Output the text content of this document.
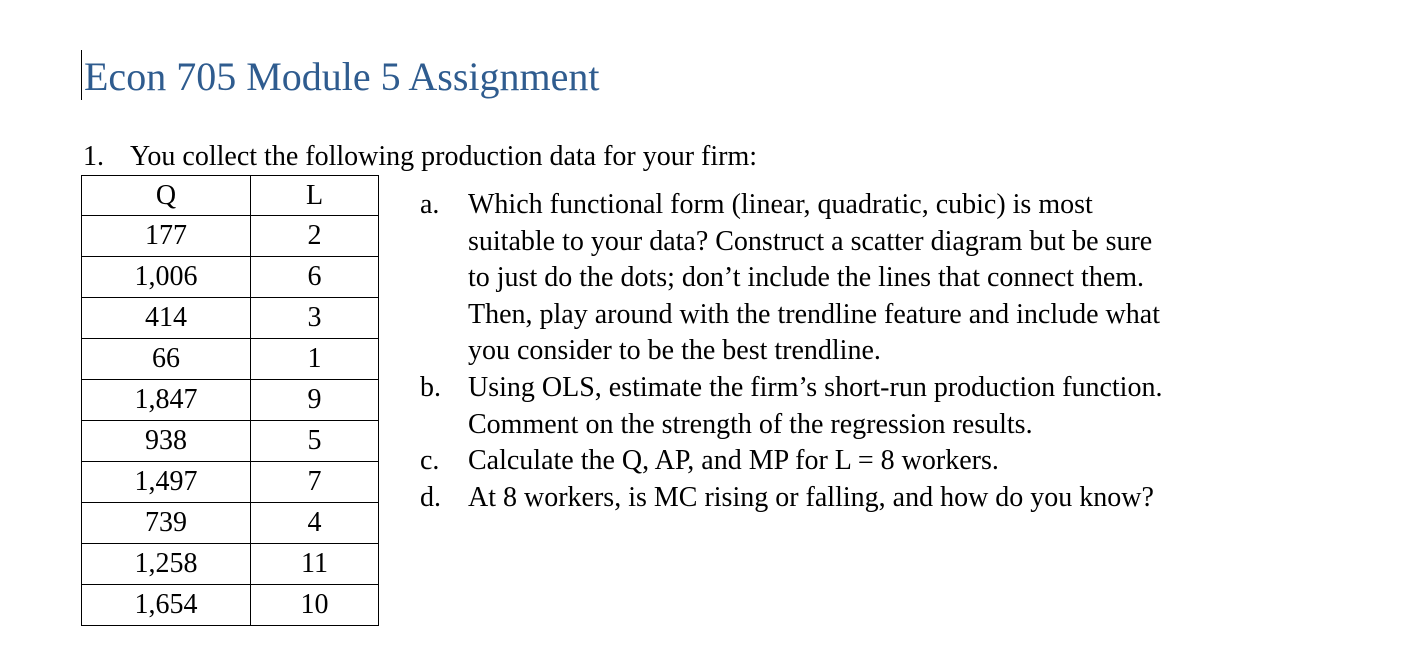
Econ 705 Module 5 Assignment
1. You collect the following production data for your firm:
Q	L
177	2
1,006	6
414	3
66	1
1,847	9
938	5
1,497	7
739	4
1,258	11
1,654	10
a.	Which functional form (linear, quadratic, cubic) is most
suitable to your data? Construct a scatter diagram but be sure
to just do the dots; don’t include the lines that connect them.
Then, play around with the trendline feature and include what
you consider to be the best trendline.
b. Using OLS, estimate the firm’s short-run production function.
Comment on the strength of the regression results.
c.	Calculate the Q, AP, and MP for L = 8 workers.
d. At 8 workers, is MC rising or falling, and how do you know?
